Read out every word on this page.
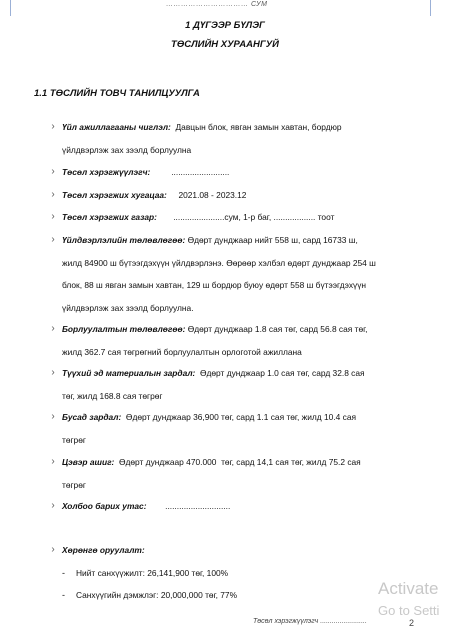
…………………………… СУМ
1 ДҮГЭЭР БҮЛЭГ
ТӨСЛИЙН ХУРААНГУЙ
1.1 ТӨСЛИЙН ТОВЧ ТАНИЛЦУУЛГА
› Үйл ажиллагааны чиглэл:  Давцын блок, явган замын хавтан, бордюр
үйлдвэрлэж зах зээлд борлуулна
› Төсөл хэрэгжүүлэгч:         .........................
› Төсөл хэрэгжих хугацаа:     2021.08 - 2023.12
› Төсөл хэрэгжих газар:       ......................сум, 1-р баг, .................. тоот
› Үйлдвэрлэлийн төлөвлөгөө: Өдөрт дунджаар нийт 558 ш, сард 16733 ш,
жилд 84900 ш бүтээгдэхүүн үйлдвэрлэнэ. Өөрөөр хэлбэл өдөрт дунджаар 254 ш
блок, 88 ш явган замын хавтан, 129 ш бордюр буюу өдөрт 558 ш бүтээгдэхүүн
үйлдвэрлэж зах зээлд борлуулна.
› Борлуулалтын төлөвлөгөө: Өдөрт дунджаар 1.8 сая төг, сард 56.8 сая төг,
жилд 362.7 сая төгрөгний борлуулалтын орлоготой ажиллана
› Түүхий эд материалын зардал:  Өдөрт дунджаар 1.0 сая төг, сард 32.8 сая
төг, жилд 168.8 сая төгрөг
› Бусад зардал:  Өдөрт дунджаар 36,900 төг, сард 1.1 сая төг, жилд 10.4 сая
төгрөг
› Цэвэр ашиг:  Өдөрт дунджаар 470.000  төг, сард 14,1 сая төг, жилд 75.2 сая
төгрөг
› Холбоо барих утас:        ............................
› Хөрөнгө оруулалт:
- Нийт санхүүжилт: 26,141,900 төг, 100%
- Санхүүгийн дэмжлэг: 20,000,000 төг, 77%	Activate
Go to Setti
Төсөл хэрэгжүүлэгч ........................	2
